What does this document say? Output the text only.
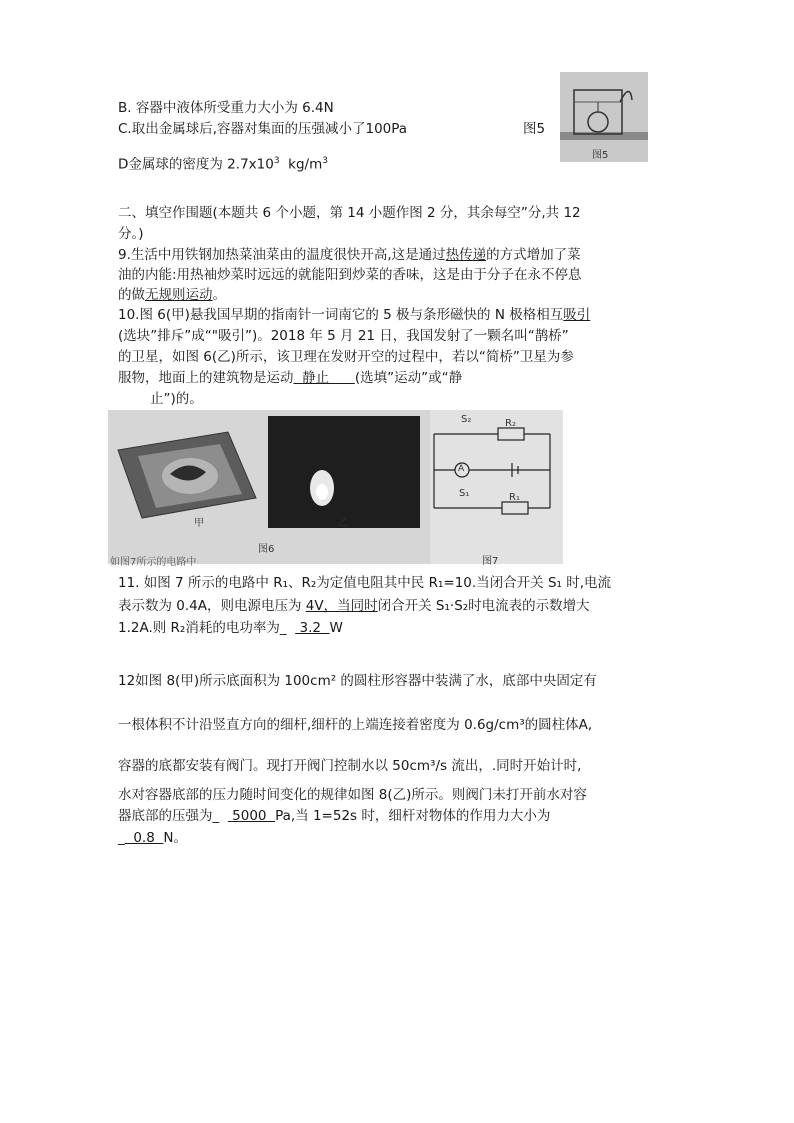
图5
B. 容器中液体所受重力大小为 6.4N
C.取出金属球后,容器对集面的压强减小了100Pa	图5
D金属球的密度为 $2.7x10^3$ $kg/m^3$
二、填空作围题(本题共 6 个小题，第 14 小题作图 2 分，其余每空”分,共 12
分。)
9.生活中用铁钢加热菜油菜由的温度很快开高,这是通过热传递的方式增加了菜
油的内能:用热袖炒菜时远远的就能阳到炒菜的香味，这是由于分子在永不停息
的做无规则运动。
10.图 6(甲)悬我国早期的指南针一词南它的 5 极与条形磁快的 N 极格相互吸引
(选块”排斥”成“"吸引”)。2018 年 5 月 21 日，我国发射了一颗名叫“鹊桥”
的卫星，如图 6(乙)所示，该卫理在发财开空的过程中，若以“简桥”卫星为参
服物，地面上的建筑物是运动  静止      (选填”运动”或“静
止”)的。
甲	乙
图6
图7
如图7所示的电路中
S₂	R₂
S₁	R₁
A
11. 如图 7 所示的电路中 R₁、R₂为定值电阻其中民 R₁=10.当闭合开关 S₁ 时,电流
表示数为 0.4A，则电源电压为 4V，当同时闭合开关 S₁·S₂时电流表的示数增大
1.2A.则 R₂消耗的电功率为_   3.2  W
12如图 8(甲)所示底面积为 100cm² 的圆柱形容器中装满了水，底部中央固定有
一根体积不计沿竖直方向的细杆,细杆的上端连接着密度为 0.6g/cm³的圆柱体A,
容器的底都安装有阀门。现打开阀门控制水以 50cm³/s 流出，.同时开始计时,
水对容器底部的压力随时间变化的规律如图 8(乙)所示。则阀门未打开前水对容
器底部的压强为_   5000  Pa,当 1=52s 时，细杆对物体的作用力大小为
_  0.8  N。
